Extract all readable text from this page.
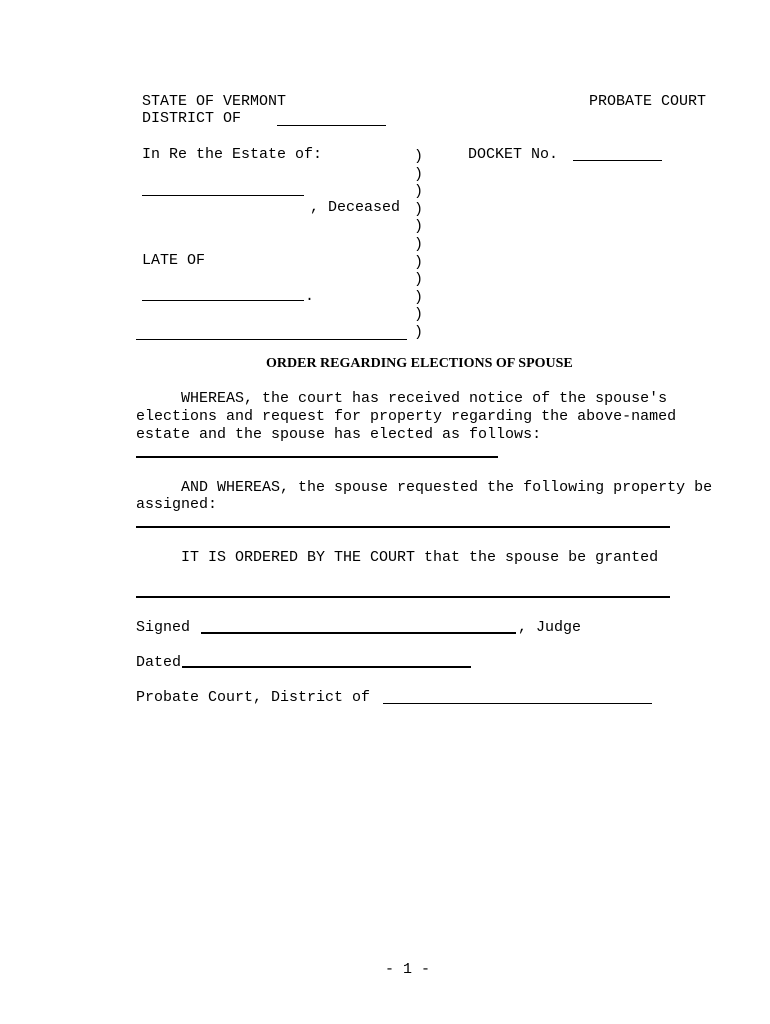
STATE OF VERMONT	PROBATE COURT
DISTRICT OF
In Re the Estate of:	DOCKET No.
, Deceased
LATE OF
.
)
)
)
)
)
)
)
)
)
)
)
ORDER REGARDING ELECTIONS OF SPOUSE
WHEREAS, the court has received notice of the spouse's
elections and request for property regarding the above-named
estate and the spouse has elected as follows:
AND WHEREAS, the spouse requested the following property be
assigned:
IT IS ORDERED BY THE COURT that the spouse be granted
Signed	, Judge
Dated
Probate Court, District of
- 1 -
